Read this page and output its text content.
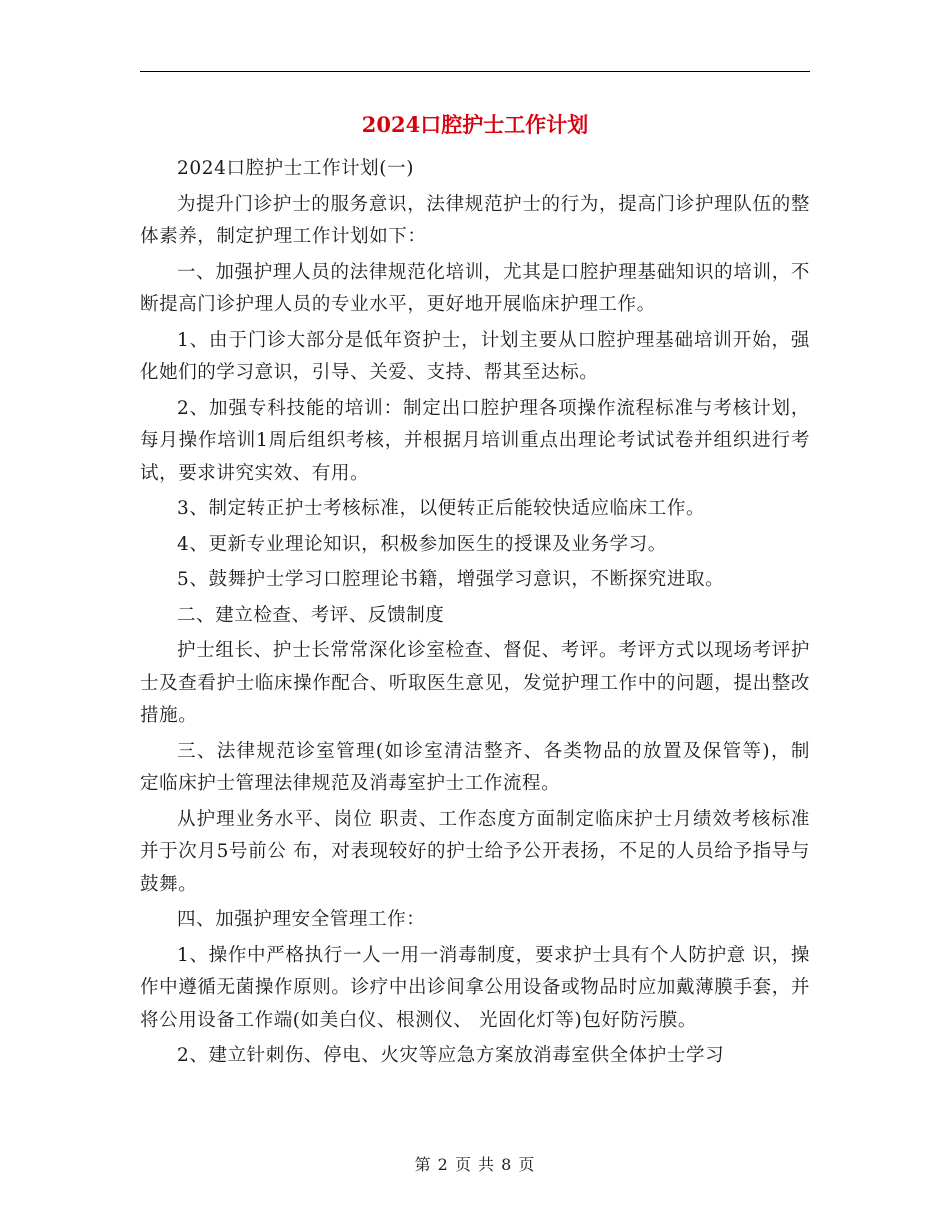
2024口腔护士工作计划

2024口腔护士工作计划(一)

为提升门诊护士的服务意识，法律规范护士的行为，提高门诊护理队伍的整体素养，制定护理工作计划如下：

一、加强护理人员的法律规范化培训，尤其是口腔护理基础知识的培训，不断提高门诊护理人员的专业水平，更好地开展临床护理工作。

1、由于门诊大部分是低年资护士，计划主要从口腔护理基础培训开始，强化她们的学习意识，引导、关爱、支持、帮其至达标。

2、加强专科技能的培训：制定出口腔护理各项操作流程标准与考核计划，每月操作培训1周后组织考核，并根据月培训重点出理论考试试卷并组织进行考试，要求讲究实效、有用。

3、制定转正护士考核标准，以便转正后能较快适应临床工作。

4、更新专业理论知识，积极参加医生的授课及业务学习。

5、鼓舞护士学习口腔理论书籍，增强学习意识，不断探究进取。

二、建立检查、考评、反馈制度

护士组长、护士长常常深化诊室检查、督促、考评。考评方式以现场考评护士及查看护士临床操作配合、听取医生意见，发觉护理工作中的问题，提出整改措施。

三、法律规范诊室管理(如诊室清洁整齐、各类物品的放置及保管等)，制 定临床护士管理法律规范及消毒室护士工作流程。

从护理业务水平、岗位 职责、工作态度方面制定临床护士月绩效考核标准并于次月5号前公 布，对表现较好的护士给予公开表扬，不足的人员给予指导与鼓舞。

四、加强护理安全管理工作：

1、操作中严格执行一人一用一消毒制度，要求护士具有个人防护意 识，操作中遵循无菌操作原则。诊疗中出诊间拿公用设备或物品时应加戴薄膜手套，并将公用设备工作端(如美白仪、根测仪、 光固化灯等)包好防污膜。

2、建立针刺伤、停电、火灾等应急方案放消毒室供全体护士学习

第 2 页 共 8 页
